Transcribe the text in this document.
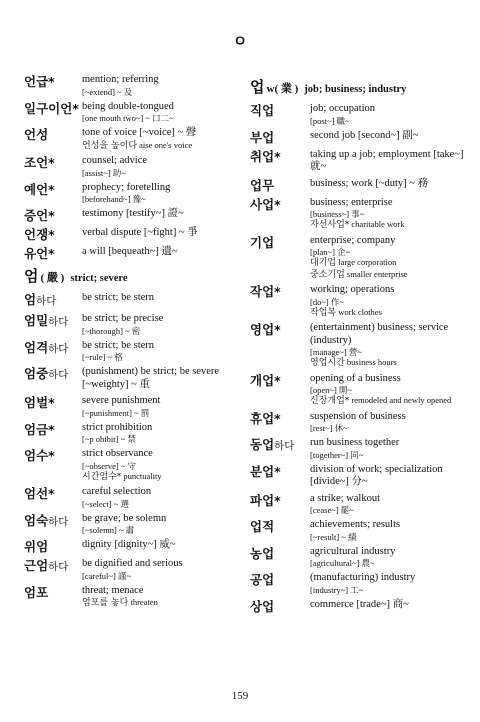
ㅇ
언급*	mention; referring
[~extend] ~ 及
일구이언* being double-tongued
[one mouth two~] ~ 口二~
언성	tone of voice [~voice] ~ 聲
언성을 높이다 aise one's voice
조언*	counsel; advice
[assist~] 助~
예언*	prophecy; foretelling
[beforehand~] 豫~
증언*	testimony [testify~] 證~
언쟁*	verbal dispute [~fight] ~ 爭
유언*	a will [bequeath~] 遺~
엄 ( 嚴 ) strict; severe
엄하다	be strict; be stern
엄밀하다	be strict; be precise
[~thorough] ~ 密
엄격하다	be strict; be stern
[~rule] ~ 格
엄중하다	(punishment) be strict; be severe [~weighty] ~ 重
엄벌*	severe punishment
[~punishment] ~ 罰
엄금*	strict prohibition
[~p ohibit] ~ 禁
엄수*	strict observance
[~observe] ~ 守
시간엄수* punctuality
엄선*	careful selection
[~select] ~ 選
엄숙하다	be grave; be solemn
[~solemn] ~ 肅
위엄	dignity [dignity~] 威~
근엄하다	be dignified and serious
[careful~] 謹~
엄포	threat; menace
엄포를 놓다 threaten
업 w( 業 ) job; business; industry
직업	job; occupation
[post~] 職~
부업	second job [second~] 副~
취업*	taking up a job; employment [take~] 就~
업무	business; work [~duty] ~ 務
사업*	business; enterprise
[business~] 事~
자선사업* charitable work
기업	enterprise; company
[plan~] 企~
대기업 large corporation
중소기업 smaller enterprise
작업*	working; operations
[do~] 作~
작업복 work clothes
영업*	(entertainment) business; service (industry)
[manage~] 營~
영업시간 business hours
개업*	opening of a business
[open~] 開~
신장개업* remodeled and newly opened
휴업*	suspension of business
[rest~] 休~
동업하다	run business together
[together~] 同~
분업*	division of work; specialization [divide~] 分~
파업*	a strike; walkout
[cease~] 罷~
업적	achievements; results
[~result] ~ 績
농업	agricultural industry
[agricultural~] 農~
공업	(manufacturing) industry
[industry~] 工~
상업	commerce [trade~] 商~
159
